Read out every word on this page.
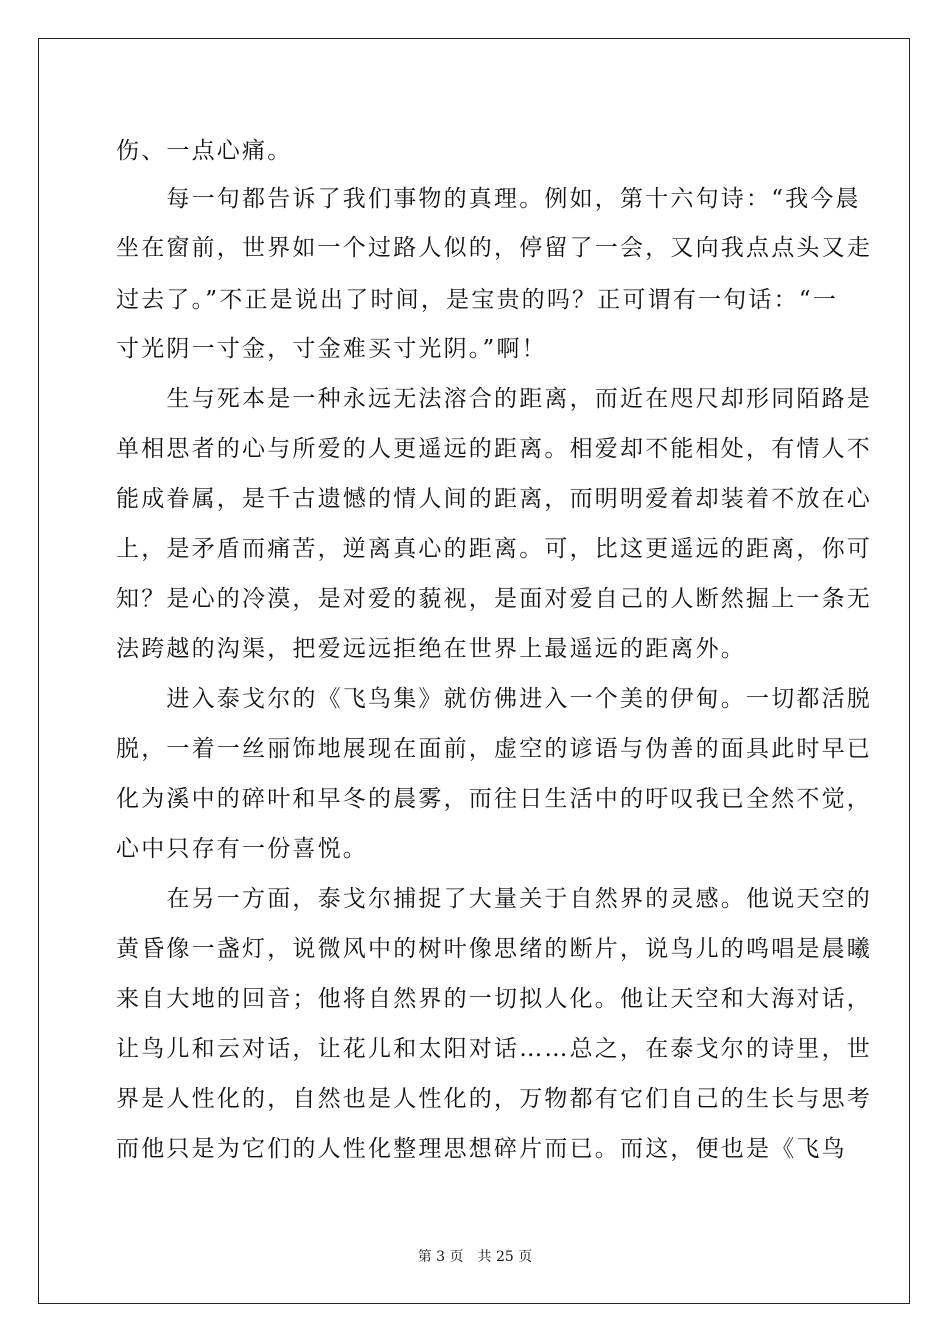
伤、一点心痛。
　　每一句都告诉了我们事物的真理。例如，第十六句诗：“我今晨
坐在窗前，世界如一个过路人似的，停留了一会，又向我点点头又走
过去了。”不正是说出了时间，是宝贵的吗？正可谓有一句话：“一
寸光阴一寸金，寸金难买寸光阴。”啊！
　　生与死本是一种永远无法溶合的距离，而近在咫尺却形同陌路是
单相思者的心与所爱的人更遥远的距离。相爱却不能相处，有情人不
能成眷属，是千古遗憾的情人间的距离，而明明爱着却装着不放在心
上，是矛盾而痛苦，逆离真心的距离。可，比这更遥远的距离，你可
知？是心的冷漠，是对爱的藐视，是面对爱自己的人断然掘上一条无
法跨越的沟渠，把爱远远拒绝在世界上最遥远的距离外。
　　进入泰戈尔的《飞鸟集》就仿佛进入一个美的伊甸。一切都活脱
脱，一着一丝丽饰地展现在面前，虚空的谚语与伪善的面具此时早已
化为溪中的碎叶和早冬的晨雾，而往日生活中的吁叹我已全然不觉，
心中只存有一份喜悦。
　　在另一方面，泰戈尔捕捉了大量关于自然界的灵感。他说天空的
黄昏像一盏灯，说微风中的树叶像思绪的断片，说鸟儿的鸣唱是晨曦
来自大地的回音；他将自然界的一切拟人化。他让天空和大海对话，
让鸟儿和云对话，让花儿和太阳对话……总之，在泰戈尔的诗里，世
界是人性化的，自然也是人性化的，万物都有它们自己的生长与思考
而他只是为它们的人性化整理思想碎片而已。而这，便也是《飞鸟
第 3 页 共 25 页
